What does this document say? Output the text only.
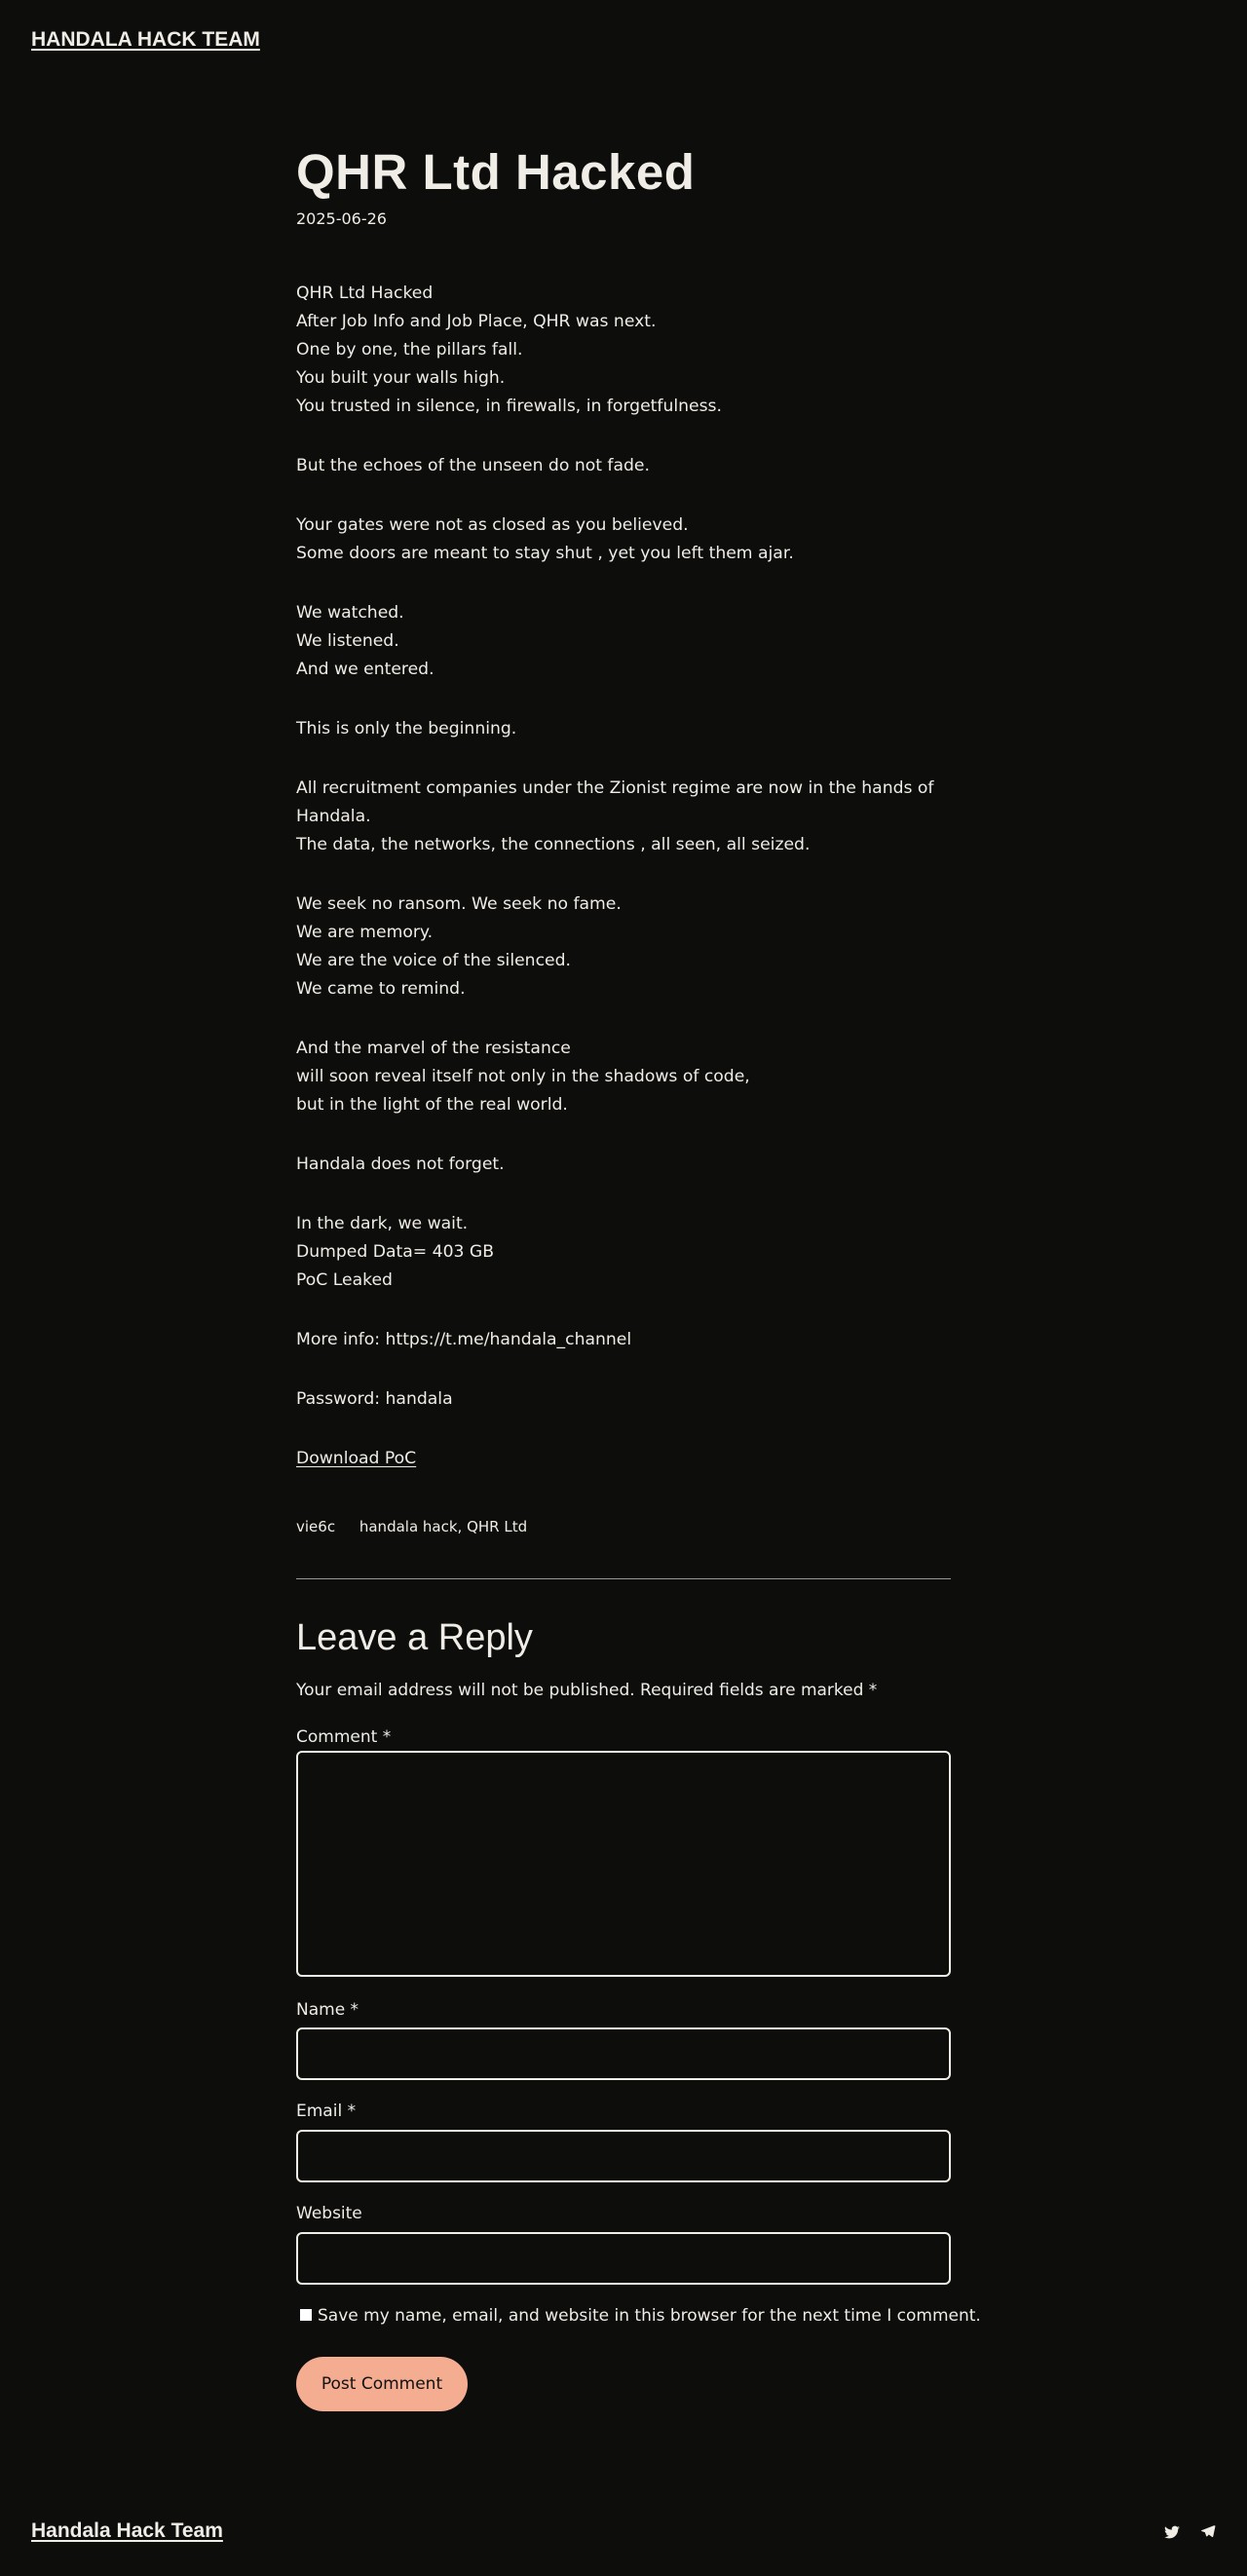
HANDALA HACK TEAM
QHR Ltd Hacked
2025-06-26

QHR Ltd Hacked
After Job Info and Job Place, QHR was next.
One by one, the pillars fall.
You built your walls high.
You trusted in silence, in firewalls, in forgetfulness.

But the echoes of the unseen do not fade.

Your gates were not as closed as you believed.
Some doors are meant to stay shut , yet you left them ajar.

We watched.
We listened.
And we entered.

This is only the beginning.

All recruitment companies under the Zionist regime are now in the hands of Handala.
The data, the networks, the connections , all seen, all seized.

We seek no ransom. We seek no fame.
We are memory.
We are the voice of the silenced.
We came to remind.

And the marvel of the resistance
will soon reveal itself not only in the shadows of code,
but in the light of the real world.

Handala does not forget.

In the dark, we wait.
Dumped Data= 403 GB
PoC Leaked

More info: https://t.me/handala_channel

Password: handala

Download PoC

vie6c handala hack, QHR Ltd
Leave a Reply
Your email address will not be published. Required fields are marked *
Comment *
Name *
Email *
Website
Save my name, email, and website in this browser for the next time I comment.
Post Comment
Handala Hack Team
